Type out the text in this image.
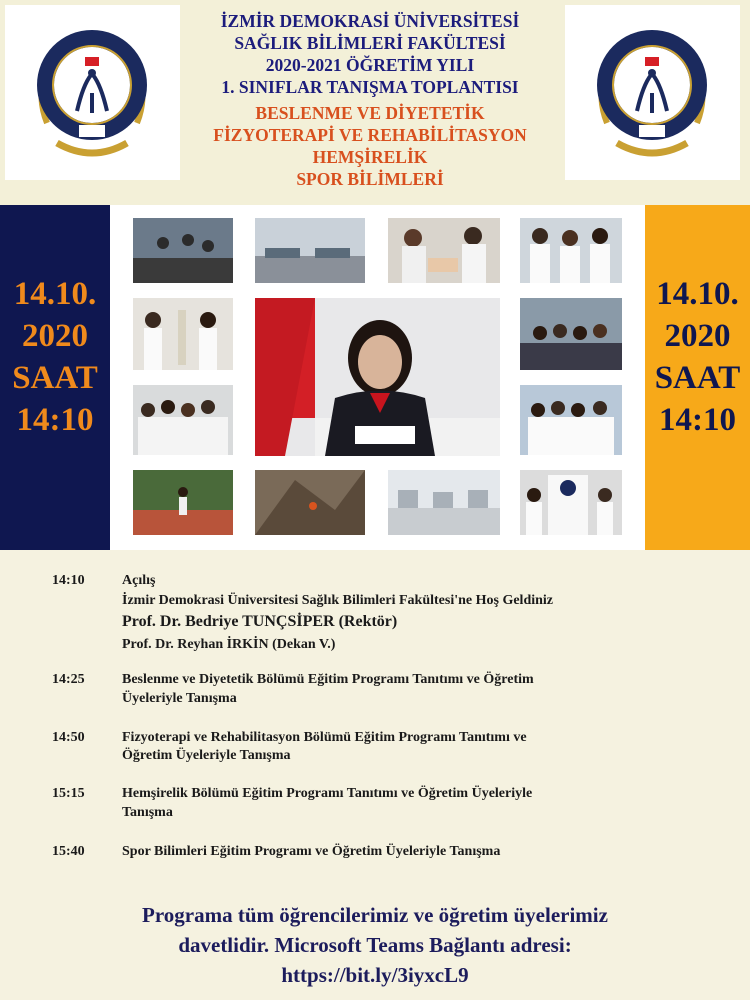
İZMİR DEMOKRASİ ÜNİVERSİTESİ
SAĞLIK BİLİMLERİ FAKÜLTESİ
2020-2021 ÖĞRETİM YILI
1. SINIFLAR TANIŞMA TOPLANTISI
BESLENME VE DİYETETİK
FİZYOTERAPİ VE REHABİLİTASYON
HEMŞİRELİK
SPOR BİLİMLERİ
14.10.
2020
SAAT
14:10
14.10.
2020
SAAT
14:10
14:10	Açılış
İzmir Demokrasi Üniversitesi Sağlık Bilimleri Fakültesi'ne Hoş Geldiniz
Prof. Dr. Bedriye TUNÇSİPER (Rektör)
Prof. Dr. Reyhan İRKİN (Dekan V.)
14:25	Beslenme ve Diyetetik Bölümü Eğitim Programı Tanıtımı ve Öğretim
Üyeleriyle Tanışma
14:50	Fizyoterapi ve Rehabilitasyon Bölümü Eğitim Programı Tanıtımı ve
Öğretim Üyeleriyle Tanışma
15:15	Hemşirelik Bölümü Eğitim Programı Tanıtımı ve Öğretim Üyeleriyle
Tanışma
15:40	Spor Bilimleri Eğitim Programı ve Öğretim Üyeleriyle Tanışma
Programa tüm öğrencilerimiz ve öğretim üyelerimiz
davetlidir. Microsoft Teams Bağlantı adresi:
https://bit.ly/3iyxcL9
